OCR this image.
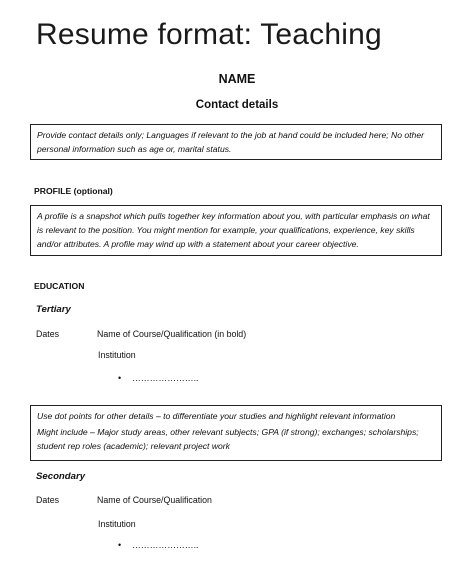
Resume format: Teaching
NAME
Contact details

Provide contact details only; Languages if relevant to the job at hand could be included here; No other personal information such as age or, marital status.

PROFILE (optional)

A profile is a snapshot which pulls together key information about you, with particular emphasis on what is relevant to the position. You might mention for example, your qualifications, experience, key skills and/or attributes. A profile may wind up with a statement about your career objective.

EDUCATION
Tertiary
Dates	Name of Course/Qualification (in bold)
Institution
• …………………..

Use dot points for other details – to differentiate your studies and highlight relevant information

Might include – Major study areas, other relevant subjects; GPA (if strong); exchanges; scholarships; student rep roles (academic); relevant project work

Secondary
Dates	Name of Course/Qualification
Institution
• …………………..
